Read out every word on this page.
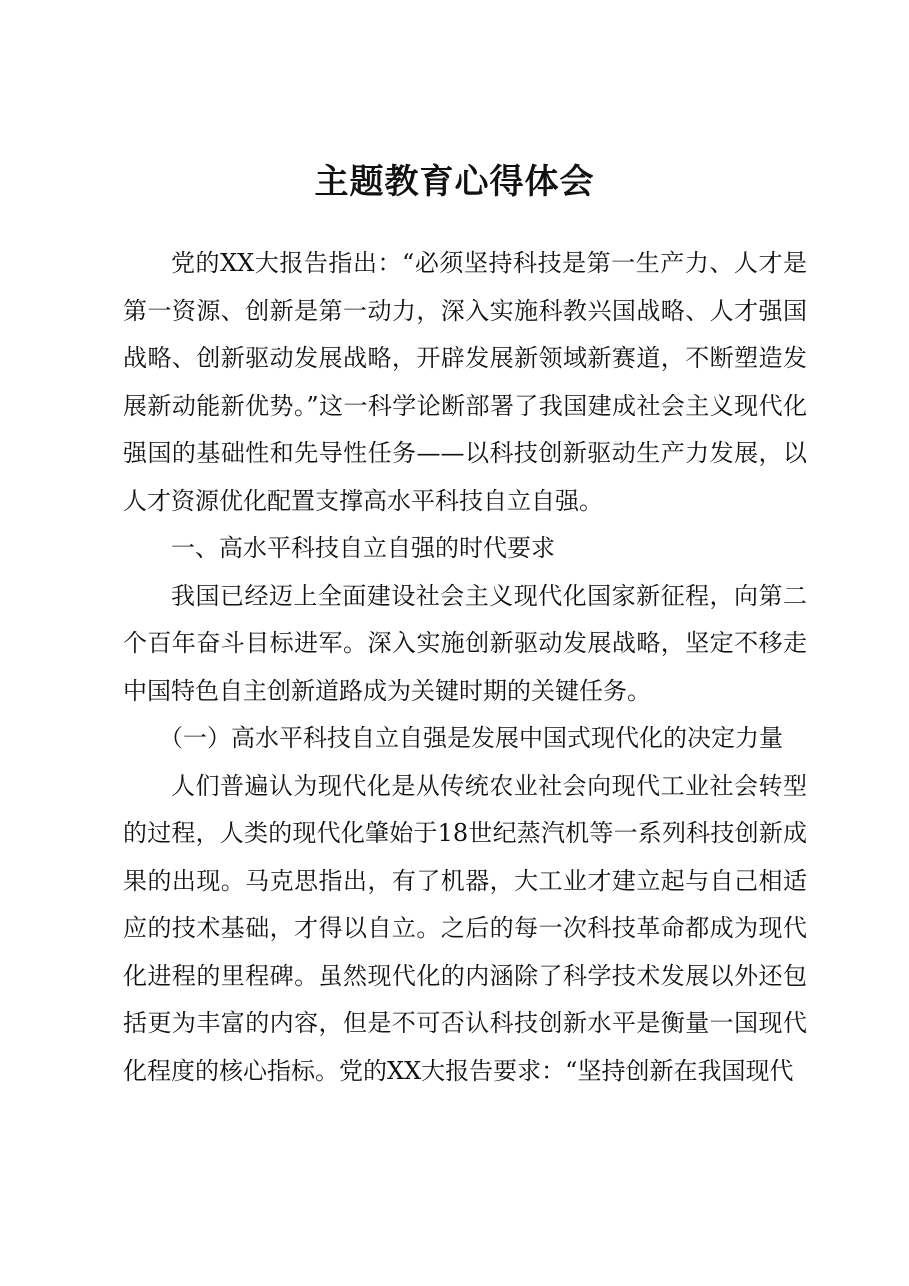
主题教育心得体会

党的XX大报告指出：“必须坚持科技是第一生产力、人才是第一资源、创新是第一动力，深入实施科教兴国战略、人才强国战略、创新驱动发展战略，开辟发展新领域新赛道，不断塑造发展新动能新优势。”这一科学论断部署了我国建成社会主义现代化强国的基础性和先导性任务——以科技创新驱动生产力发展，以人才资源优化配置支撑高水平科技自立自强。

一、高水平科技自立自强的时代要求

我国已经迈上全面建设社会主义现代化国家新征程，向第二个百年奋斗目标进军。深入实施创新驱动发展战略，坚定不移走中国特色自主创新道路成为关键时期的关键任务。

（一）高水平科技自立自强是发展中国式现代化的决定力量

人们普遍认为现代化是从传统农业社会向现代工业社会转型的过程，人类的现代化肇始于18世纪蒸汽机等一系列科技创新成果的出现。马克思指出，有了机器，大工业才建立起与自己相适应的技术基础，才得以自立。之后的每一次科技革命都成为现代化进程的里程碑。虽然现代化的内涵除了科学技术发展以外还包括更为丰富的内容，但是不可否认科技创新水平是衡量一国现代化程度的核心指标。党的XX大报告要求：“坚持创新在我国现代
